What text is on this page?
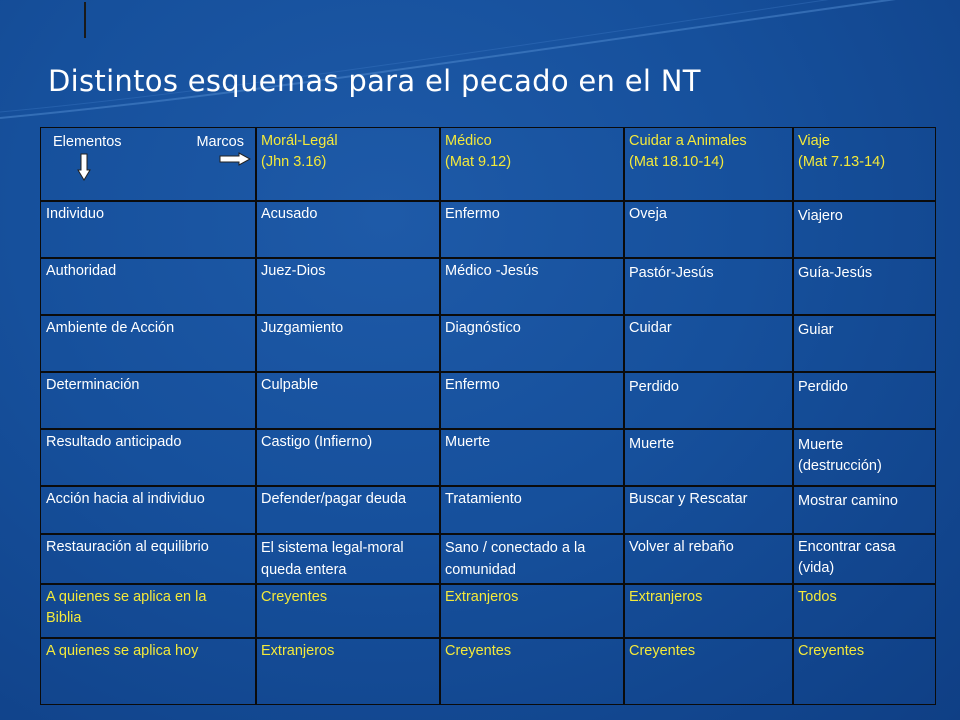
Distintos esquemas para el pecado en el NT
Elementos	Marcos
Individuo
Authoridad
Ambiente de Acción
Determinación
Resultado anticipado
Acción hacia al individuo
Restauración al equilibrio
A quienes se aplica en la Biblia
A quienes se aplica hoy
Morál-Legál
(Jhn 3.16)
Acusado
Juez-Dios
Juzgamiento
Culpable
Castigo (Infierno)
Defender/pagar deuda
El sistema legal-moral queda entera
Creyentes
Extranjeros
Médico
(Mat 9.12)
Enfermo
Médico -Jesús
Diagnóstico
Enfermo
Muerte
Tratamiento
Sano / conectado a la comunidad
Extranjeros
Creyentes
Cuidar a Animales
(Mat 18.10-14)
Oveja
Pastór-Jesús
Cuidar
Perdido
Muerte
Buscar y Rescatar
Volver al rebaño
Extranjeros
Creyentes
Viaje
(Mat 7.13-14)
Viajero
Guía-Jesús
Guiar
Perdido
Muerte (destrucción)
Mostrar camino
Encontrar casa (vida)
Todos
Creyentes
